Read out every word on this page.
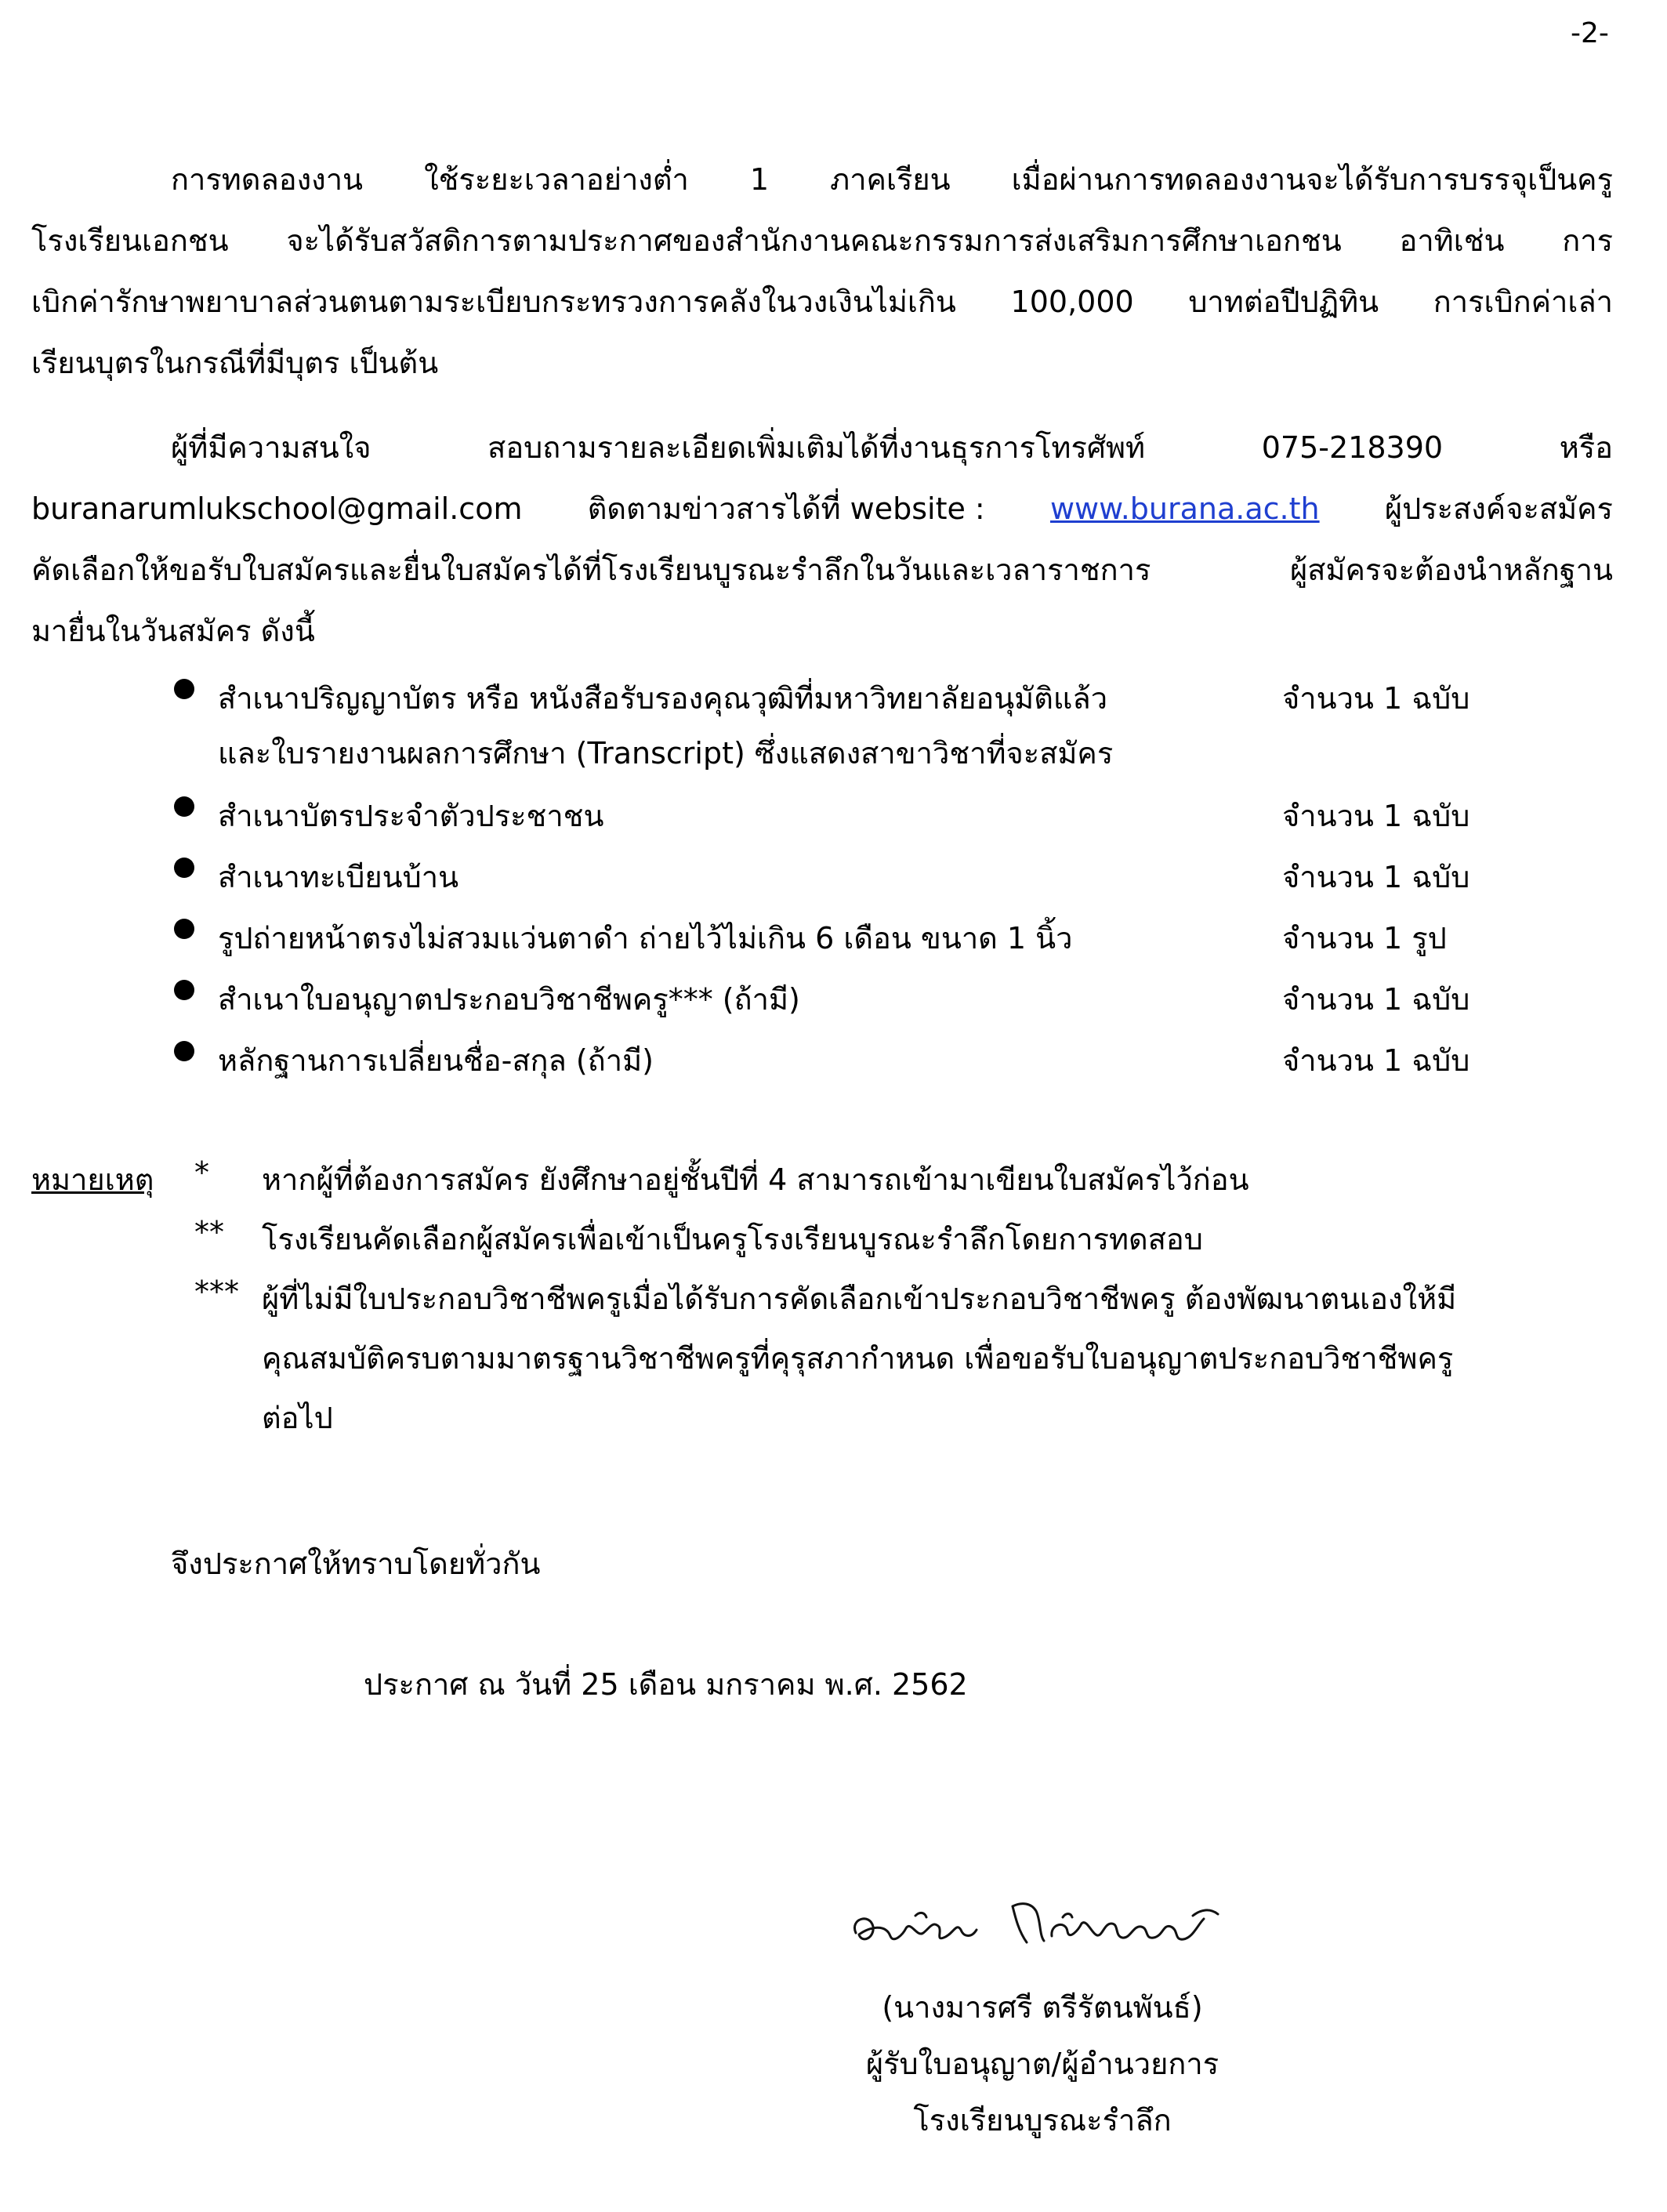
-2-
การทดลองงาน ใช้ระยะเวลาอย่างต่ำ 1 ภาคเรียน เมื่อผ่านการทดลองงานจะได้รับการบรรจุเป็นครู
โรงเรียนเอกชน จะได้รับสวัสดิการตามประกาศของสำนักงานคณะกรรมการส่งเสริมการศึกษาเอกชน อาทิเช่น การ
เบิกค่ารักษาพยาบาลส่วนตนตามระเบียบกระทรวงการคลังในวงเงินไม่เกิน 100,000 บาทต่อปีปฏิทิน การเบิกค่าเล่า
เรียนบุตรในกรณีที่มีบุตร เป็นต้น
ผู้ที่มีความสนใจ สอบถามรายละเอียดเพิ่มเติมได้ที่งานธุรการโทรศัพท์ 075-218390 หรือ
buranarumlukschool@gmail.com ติดตามข่าวสารได้ที่ website : www.burana.ac.th ผู้ประสงค์จะสมัคร
คัดเลือกให้ขอรับใบสมัครและยื่นใบสมัครได้ที่โรงเรียนบูรณะรำลึกในวันและเวลาราชการ ผู้สมัครจะต้องนำหลักฐาน
มายื่นในวันสมัคร ดังนี้
สำเนาปริญญาบัตร หรือ หนังสือรับรองคุณวุฒิที่มหาวิทยาลัยอนุมัติแล้ว	จำนวน 1 ฉบับ
และใบรายงานผลการศึกษา (Transcript) ซึ่งแสดงสาขาวิชาที่จะสมัคร
สำเนาบัตรประจำตัวประชาชน	จำนวน 1 ฉบับ
สำเนาทะเบียนบ้าน	จำนวน 1 ฉบับ
รูปถ่ายหน้าตรงไม่สวมแว่นตาดำ ถ่ายไว้ไม่เกิน 6 เดือน ขนาด 1 นิ้ว	จำนวน 1 รูป
สำเนาใบอนุญาตประกอบวิชาชีพครู*** (ถ้ามี)	จำนวน 1 ฉบับ
หลักฐานการเปลี่ยนชื่อ-สกุล (ถ้ามี)	จำนวน 1 ฉบับ
หมายเหตุ * หากผู้ที่ต้องการสมัคร ยังศึกษาอยู่ชั้นปีที่ 4 สามารถเข้ามาเขียนใบสมัครไว้ก่อน
** โรงเรียนคัดเลือกผู้สมัครเพื่อเข้าเป็นครูโรงเรียนบูรณะรำลึกโดยการทดสอบ
*** ผู้ที่ไม่มีใบประกอบวิชาชีพครูเมื่อได้รับการคัดเลือกเข้าประกอบวิชาชีพครู ต้องพัฒนาตนเองให้มี
คุณสมบัติครบตามมาตรฐานวิชาชีพครูที่คุรุสภากำหนด เพื่อขอรับใบอนุญาตประกอบวิชาชีพครู
ต่อไป
จึงประกาศให้ทราบโดยทั่วกัน
ประกาศ ณ วันที่ 25 เดือน มกราคม พ.ศ. 2562
(นางมารศรี ตรีรัตนพันธ์)
ผู้รับใบอนุญาต/ผู้อำนวยการ
โรงเรียนบูรณะรำลึก
